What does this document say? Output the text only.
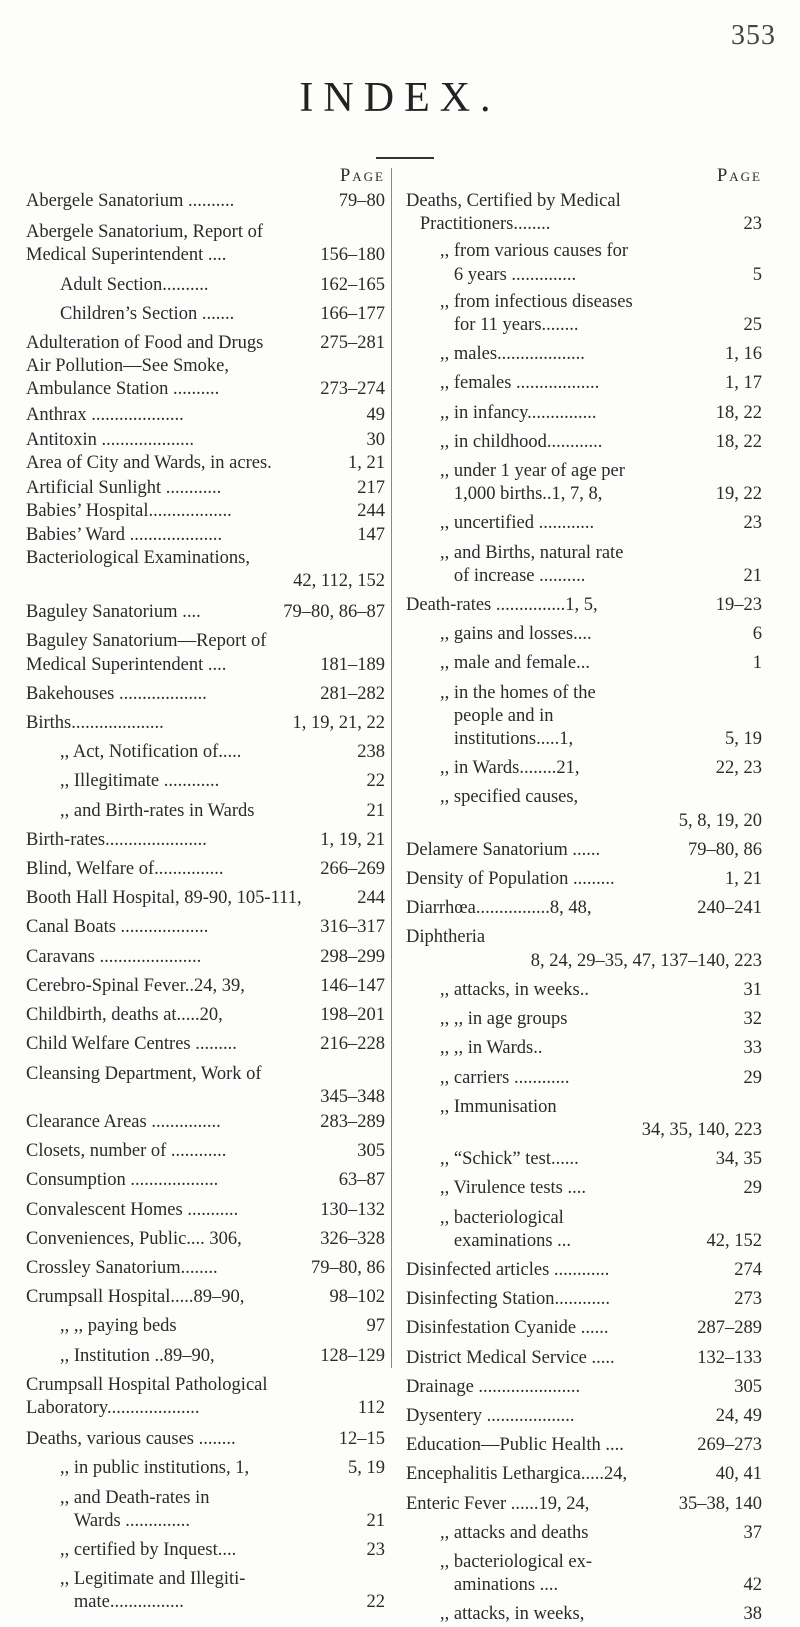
353
INDEX.
Page
Abergele Sanatorium ..........	79–80
Abergele Sanatorium, Report of
Medical Superintendent ....	156–180
Adult Section..........	162–165
Children’s Section .......	166–177
Adulteration of Food and Drugs	275–281
Air Pollution—See Smoke,
Ambulance Station ..........	273–274
Anthrax ....................	49
Antitoxin ....................	30
Area of City and Wards, in acres.	1, 21
Artificial Sunlight ............	217
Babies’ Hospital..................	244
Babies’ Ward ....................	147
Bacteriological Examinations,

42, 112, 152
Baguley Sanatorium ....	79–80, 86–87
Baguley Sanatorium—Report of
Medical Superintendent ....	181–189
Bakehouses ...................	281–282
Births....................	1, 19, 21, 22
,, Act, Notification of.....	238
,, Illegitimate ............	22
,, and Birth-rates in Wards	21
Birth-rates......................	1, 19, 21
Blind, Welfare of...............	266–269
Booth Hall Hospital, 89-90, 105-111,	244
Canal Boats ...................	316–317
Caravans ......................	298–299
Cerebro-Spinal Fever..24, 39,	146–147
Childbirth, deaths at.....20,	198–201
Child Welfare Centres .........	216–228
Cleansing Department, Work of

345–348
Clearance Areas ...............	283–289
Closets, number of ............	305
Consumption ...................	63–87
Convalescent Homes ...........	130–132
Conveniences, Public.... 306,	326–328
Crossley Sanatorium........	79–80, 86
Crumpsall Hospital.....89–90,	98–102
,, ,, paying beds	97
,, Institution ..89–90,	128–129
Crumpsall Hospital Pathological
Laboratory....................	112
Deaths, various causes ........	12–15
,, in public institutions, 1,	5, 19
,, and Death-rates in
Wards ..............	21
,, certified by Inquest....	23
,, Legitimate and Illegiti-
mate................	22
Page
Deaths, Certified by Medical
Practitioners........	23
,, from various causes for
6 years ..............	5
,, from infectious diseases
for 11 years........	25
,, males...................	1, 16
,, females ..................	1, 17
,, in infancy...............	18, 22
,, in childhood............	18, 22
,, under 1 year of age per
1,000 births..1, 7, 8,	19, 22
,, uncertified ............	23
,, and Births, natural rate
of increase ..........	21
Death-rates ...............1, 5,	19–23
,, gains and losses....	6
,, male and female...	1
,, in the homes of the
people and in
institutions.....1,	5, 19
,, in Wards........21,	22, 23
,, specified causes,

5, 8, 19, 20
Delamere Sanatorium ......	79–80, 86
Density of Population .........	1, 21
Diarrhœa................8, 48,	240–241
Diphtheria

8, 24, 29–35, 47, 137–140, 223
,, attacks, in weeks..	31
,, ,, in age groups	32
,, ,, in Wards..	33
,, carriers ............	29
,, Immunisation

34, 35, 140, 223
,, “Schick” test......	34, 35
,, Virulence tests ....	29
,, bacteriological
examinations ...	42, 152
Disinfected articles ............	274
Disinfecting Station............	273
Disinfestation Cyanide ......	287–289
District Medical Service .....	132–133
Drainage ......................	305
Dysentery ...................	24, 49
Education—Public Health ....	269–273
Encephalitis Lethargica.....24,	40, 41
Enteric Fever ......19, 24,	35–38, 140
,, attacks and deaths	37
,, bacteriological ex-
aminations ....	42
,, attacks, in weeks,	38
